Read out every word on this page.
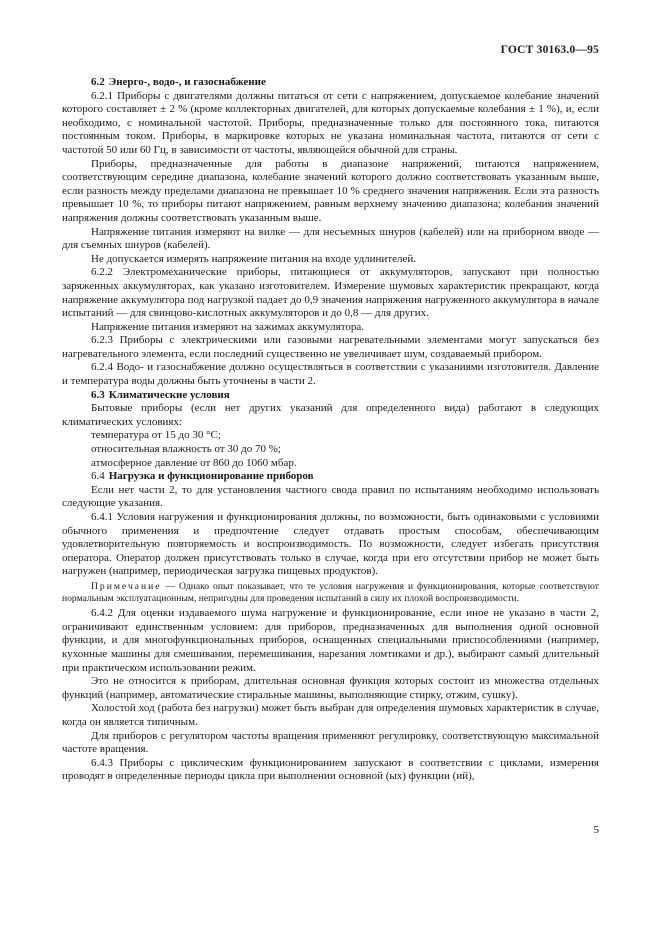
ГОСТ 30163.0—95

6.2 Энерго-, водо-, и газоснабжение

6.2.1 Приборы с двигателями должны питаться от сети с напряжением, допускаемое колебание значений которого составляет ± 2 % (кроме коллекторных двигателей, для которых допускаемые колебания ± 1 %), и, если необходимо, с номинальной частотой. Приборы, предназначенные только для постоянного тока, питаются постоянным током. Приборы, в маркировке которых не указана номинальная частота, питаются от сети с частотой 50 или 60 Гц, в зависимости от частоты, являющейся обычной для страны.

Приборы, предназначенные для работы в диапазоне напряжений, питаются напряжением, соответствующим середине диапазона, колебание значений которого должно соответствовать указанным выше, если разность между пределами диапазона не превышает 10 % среднего значения напряжения. Если эта разность превышает 10 %, то приборы питают напряжением, равным верхнему значению диапазона; колебания значений напряжения должны соответствовать указанным выше.

Напряжение питания измеряют на вилке — для несъемных шнуров (кабелей) или на приборном вводе — для съемных шнуров (кабелей).

Не допускается измерять напряжение питания на входе удлинителей.

6.2.2 Электромеханические приборы, питающиеся от аккумуляторов, запускают при полностью заряженных аккумуляторах, как указано изготовителем. Измерение шумовых характеристик прекращают, когда напряжение аккумулятора под нагрузкой падает до 0,9 значения напряжения нагруженного аккумулятора в начале испытаний — для свинцово-кислотных аккумуляторов и до 0,8 — для других.

Напряжение питания измеряют на зажимах аккумулятора.

6.2.3 Приборы с электрическими или газовыми нагревательными элементами могут запускаться без нагревательного элемента, если последний существенно не увеличивает шум, создаваемый прибором.

6.2.4 Водо- и газоснабжение должно осуществляться в соответствии с указаниями изготовителя. Давление и температура воды должны быть уточнены в части 2.

6.3 Климатические условия

Бытовые приборы (если нет других указаний для определенного вида) работают в следующих климатических условиях:

температура от 15 до 30 °С;
относительная влажность от 30 до 70 %;
атмосферное давление от 860 до 1060 мбар.

6.4 Нагрузка и функционирование приборов

Если нет части 2, то для установления частного свода правил по испытаниям необходимо использовать следующие указания.

6.4.1 Условия нагружения и функционирования должны, по возможности, быть одинаковыми с условиями обычного применения и предпочтение следует отдавать простым способам, обеспечивающим удовлетворительную повторяемость и воспроизводимость. По возможности, следует избегать присутствия оператора. Оператор должен присутствовать только в случае, когда при его отсутствии прибор не может быть нагружен (например, периодическая загрузка пищевых продуктов).

Примечание — Однако опыт показывает, что те условия нагружения и функционирования, которые соответствуют нормальным эксплуатационным, непригодны для проведения испытаний в силу их плохой воспроизводимости.

6.4.2 Для оценки издаваемого шума нагружение и функционирование, если иное не указано в части 2, ограничивают единственным условием: для приборов, предназначенных для выполнения одной основной функции, и для многофункциональных приборов, оснащенных специальными приспособлениями (например, кухонные машины для смешивания, перемешивания, нарезания ломтиками и др.), выбирают самый длительный при практическом использовании режим.

Это не относится к приборам, длительная основная функция которых состоит из множества отдельных функций (например, автоматические стиральные машины, выполняющие стирку, отжим, сушку).

Холостой ход (работа без нагрузки) может быть выбран для определения шумовых характеристик в случае, когда он является типичным.

Для приборов с регулятором частоты вращения применяют регулировку, соответствующую максимальной частоте вращения.

6.4.3 Приборы с циклическим функционированием запускают в соответствии с циклами, измерения проводят в определенные периоды цикла при выполнении основной (ых) функции (ий),

5
